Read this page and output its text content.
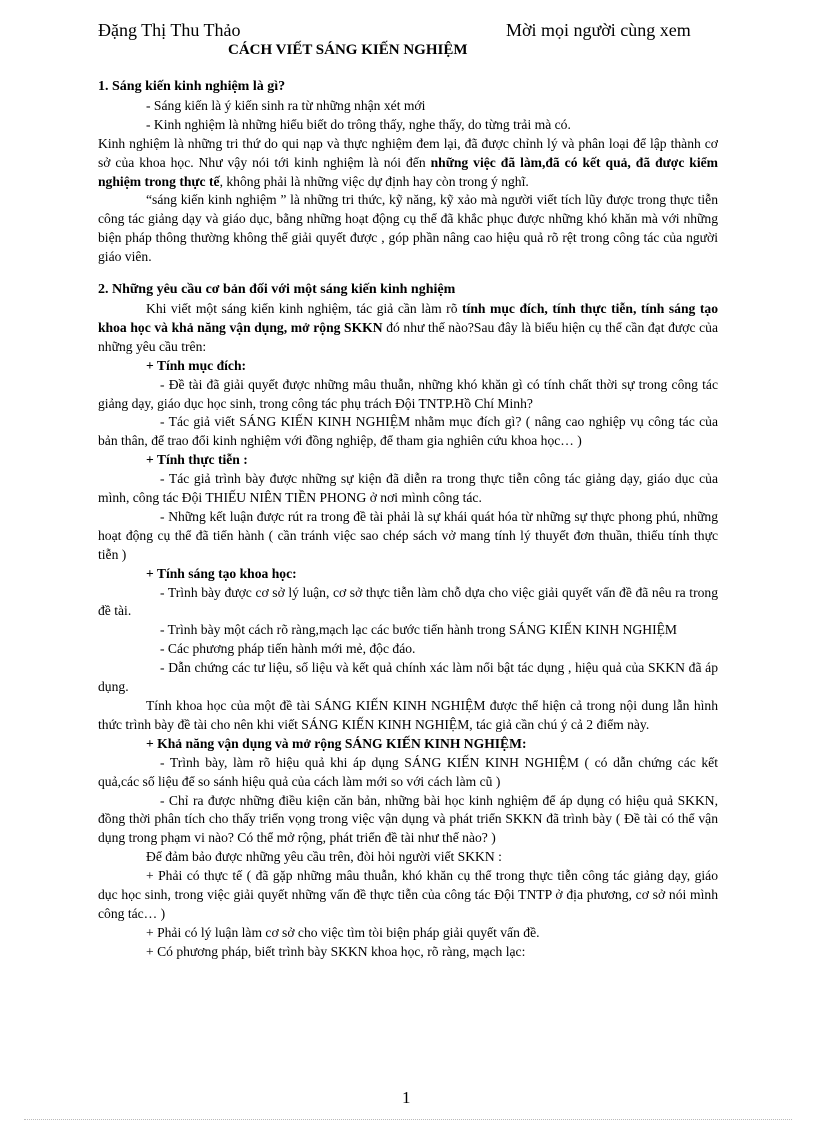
Đặng Thị Thu Thảo	Mời mọi người cùng xem
CÁCH VIẾT SÁNG KIẾN NGHIỆM

1. Sáng kiến kinh nghiệm là gì?

- Sáng kiến là ý kiến sinh ra từ những nhận xét mới

- Kinh nghiệm là những hiểu biết do trông thấy, nghe thấy, do từng trải mà có.

Kinh nghiệm là những tri thứ do qui nạp và thực nghiệm đem lại, đã được chỉnh lý và phân loại để lập thành cơ sở của khoa học. Như vậy nói tới kinh nghiệm là nói đến những việc đã làm,đã có kết quả, đã được kiểm nghiệm trong thực tế, không phải là những việc dự định hay còn trong ý nghĩ.

“sáng kiến kinh nghiệm ” là những tri thức, kỹ năng, kỹ xảo mà người viết tích lũy được trong thực tiễn công tác giảng dạy và giáo dục, bằng những hoạt động cụ thể đã khắc phục được những khó khăn mà với những biện pháp thông thường không thể giải quyết được , góp phần nâng cao hiệu quả rõ rệt trong công tác của người giáo viên.

2. Những yêu cầu cơ bản đối với một sáng kiến kinh nghiệm

Khi viết một sáng kiến kinh nghiệm, tác giả cần làm rõ tính mục đích, tính thực tiễn, tính sáng tạo khoa học và khả năng vận dụng, mở rộng SKKN đó như thế nào?Sau đây là biểu hiện cụ thể cần đạt được của những yêu cầu trên:

+ Tính mục đích:

- Đề tài đã giải quyết được những mâu thuẫn, những khó khăn gì có tính chất thời sự trong công tác giảng dạy, giáo dục học sinh, trong công tác phụ trách Đội TNTP.Hồ Chí Minh?

- Tác giả viết SÁNG KIẾN KINH NGHIỆM nhằm mục đích gì? ( nâng cao nghiệp vụ công tác của bản thân, để trao đổi kinh nghiệm với đồng nghiệp, để tham gia nghiên cứu khoa học… )

+ Tính thực tiễn :

- Tác giả trình bày được những sự kiện đã diễn ra trong thực tiễn công tác giảng dạy, giáo dục của mình, công tác Đội THIẾU NIÊN TIỀN PHONG ở nơi mình công tác.

- Những kết luận được rút ra trong đề tài phải là sự khái quát hóa từ những sự thực phong phú, những hoạt động cụ thể đã tiến hành ( cần tránh việc sao chép sách vở mang tính lý thuyết đơn thuần, thiếu tính thực tiễn )

+ Tính sáng tạo khoa học:

- Trình bày được cơ sở lý luận, cơ sở thực tiễn làm chỗ dựa cho việc giải quyết vấn đề đã nêu ra trong đề tài.

- Trình bày một cách rõ ràng,mạch lạc các bước tiến hành trong SÁNG KIẾN KINH NGHIỆM

- Các phương pháp tiến hành mới mẻ, độc đáo.

- Dẫn chứng các tư liệu, số liệu và kết quả chính xác làm nổi bật tác dụng , hiệu quả của SKKN đã áp dụng.

Tính khoa học của một đề tài SÁNG KIẾN KINH NGHIỆM được thể hiện cả trong nội dung lẫn hình thức trình bày đề tài cho nên khi viết SÁNG KIẾN KINH NGHIỆM, tác giả cần chú ý cả 2 điểm này.

+ Khả năng vận dụng và mở rộng SÁNG KIẾN KINH NGHIỆM:

- Trình bày, làm rõ hiệu quả khi áp dụng SÁNG KIẾN KINH NGHIỆM ( có dẫn chứng các kết quả,các số liệu để so sánh hiệu quả của cách làm mới so với cách làm cũ )

- Chỉ ra được những điều kiện căn bản, những bài học kinh nghiệm để áp dụng có hiệu quả SKKN, đồng thời phân tích cho thấy triển vọng trong việc vận dụng và phát triển SKKN đã trình bày ( Đề tài có thể vận dụng trong phạm vi nào? Có thể mở rộng, phát triển đề tài như thế nào? )

Để đảm bảo được những yêu cầu trên, đòi hỏi người viết SKKN :

+ Phải có thực tế ( đã gặp những mâu thuẫn, khó khăn cụ thể trong thực tiễn công tác giảng dạy, giáo dục học sinh, trong việc giải quyết những vấn đề thực tiễn của công tác Đội TNTP ở địa phương, cơ sở nói mình công tác… )

+ Phải có lý luận làm cơ sở cho việc tìm tòi biện pháp giải quyết vấn đề.

+ Có phương pháp, biết trình bày SKKN khoa học, rõ ràng, mạch lạc:

1
